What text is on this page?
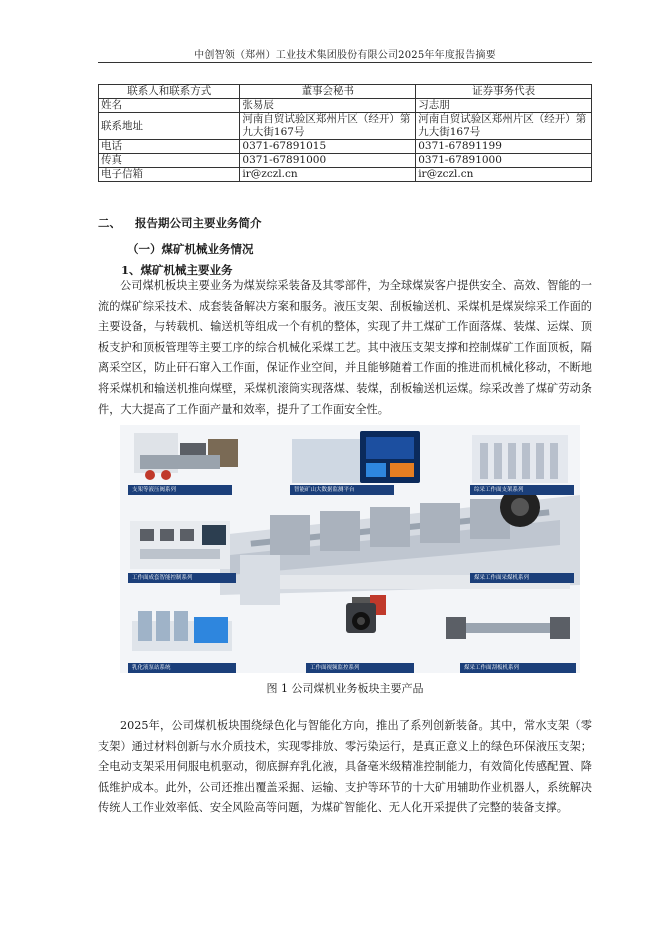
中创智领（郑州）工业技术集团股份有限公司2025年年度报告摘要
联系人和联系方式	董事会秘书	证券事务代表
姓名	张易辰	习志朋
联系地址	河南自贸试验区郑州片区（经开）第九大街167号	河南自贸试验区郑州片区（经开）第九大街167号
电话	0371-67891015	0371-67891199
传真	0371-67891000	0371-67891000
电子信箱	ir@zczl.cn	ir@zczl.cn
二、 报告期公司主要业务简介
（一）煤矿机械业务情况
1、煤矿机械主要业务

公司煤机板块主要业务为煤炭综采装备及其零部件，为全球煤炭客户提供安全、高效、智能的一流的煤矿综采技术、成套装备解决方案和服务。液压支架、刮板输送机、采煤机是煤炭综采工作面的主要设备，与转载机、输送机等组成一个有机的整体，实现了井工煤矿工作面落煤、装煤、运煤、顶板支护和顶板管理等主要工序的综合机械化采煤工艺。其中液压支架支撑和控制煤矿工作面顶板，隔离采空区，防止矸石窜入工作面，保证作业空间，并且能够随着工作面的推进而机械化移动，不断地将采煤机和输送机推向煤壁，采煤机滚筒实现落煤、装煤，刮板输送机运煤。综采改善了煤矿劳动条件，大大提高了工作面产量和效率，提升了工作面安全性。

支架等液压阀系列	智能矿山大数据监测平台	综采工作面支架系列
工作面成套智能控制系列	煤采工作面采煤机系列
乳化液泵站系统	工作面视频监控系列	煤采工作面刮板机系列
图 1 公司煤机业务板块主要产品

2025年，公司煤机板块围绕绿色化与智能化方向，推出了系列创新装备。其中，常水支架（零支架）通过材料创新与水介质技术，实现零排放、零污染运行，是真正意义上的绿色环保液压支架；全电动支架采用伺服电机驱动，彻底摒弃乳化液，具备毫米级精准控制能力，有效简化传感配置、降低维护成本。此外，公司还推出覆盖采掘、运输、支护等环节的十大矿用辅助作业机器人，系统解决传统人工作业效率低、安全风险高等问题，为煤矿智能化、无人化开采提供了完整的装备支撑。
